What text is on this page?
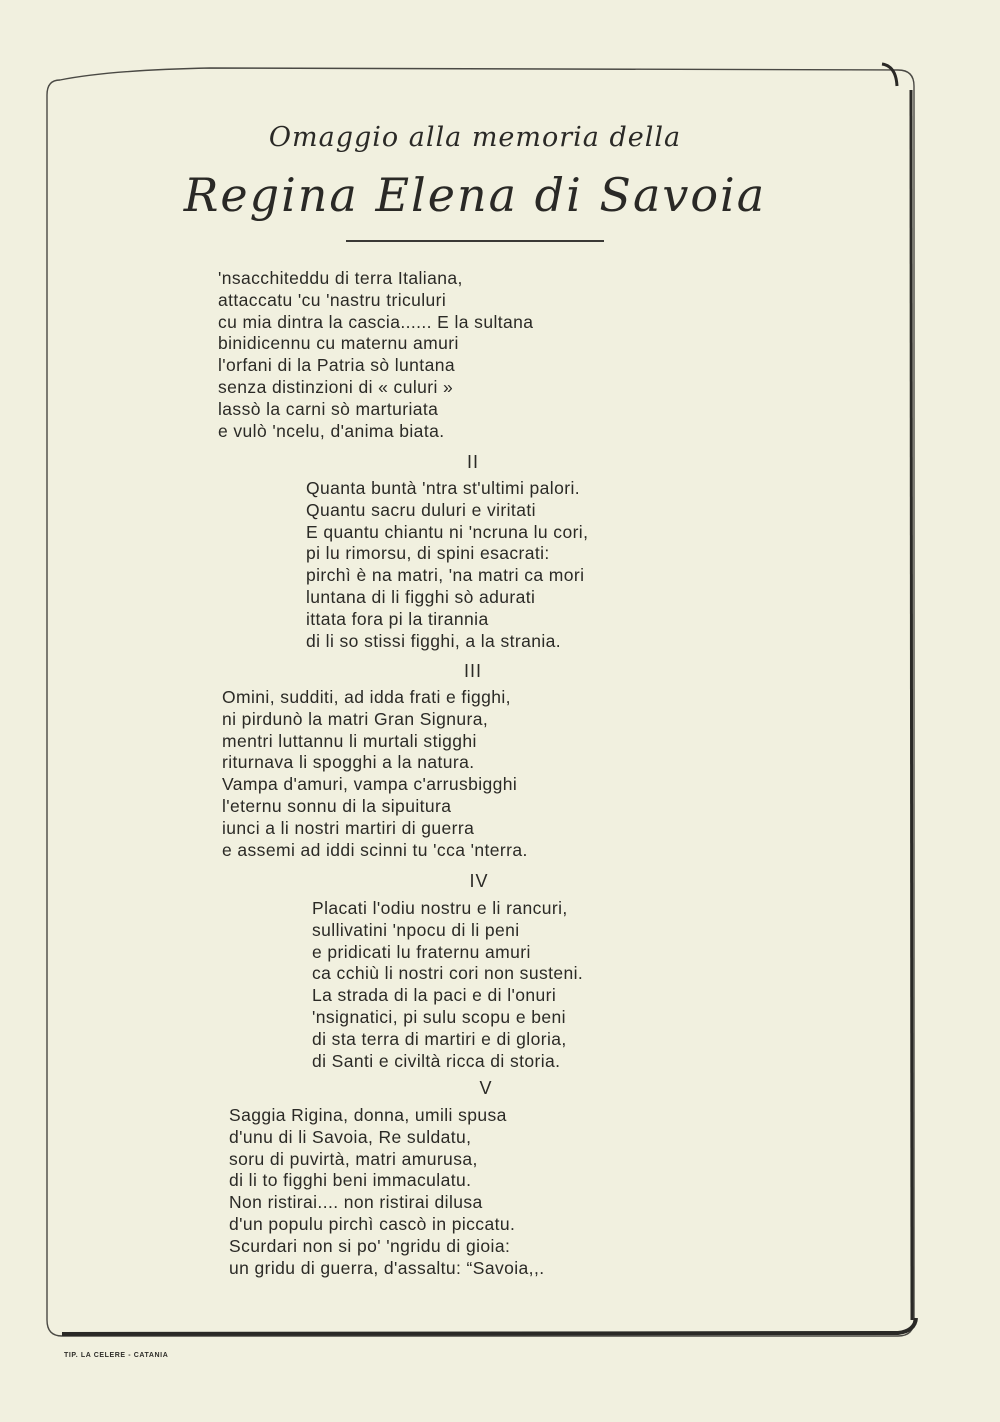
Omaggio alla memoria della
Regina Elena di Savoia
'nsacchiteddu di terra Italiana,
attaccatu 'cu 'nastru triculuri
cu mia dintra la cascia...... E la sultana
binidicennu cu maternu amuri
l'orfani di la Patria sò luntana
senza distinzioni di « culuri »
lassò la carni sò marturiata
e vulò 'ncelu, d'anima biata.
II
Quanta buntà 'ntra st'ultimi palori.
Quantu sacru duluri e viritati
E quantu chiantu ni 'ncruna lu cori,
pi lu rimorsu, di spini esacrati:
pirchì è na matri, 'na matri ca mori
luntana di li figghi sò adurati
ittata fora pi la tirannia
di li so stissi figghi, a la strania.
III
Omini, sudditi, ad idda frati e figghi,
ni pirdunò la matri Gran Signura,
mentri luttannu li murtali stigghi
riturnava li spogghi a la natura.
Vampa d'amuri, vampa c'arrusbigghi
l'eternu sonnu di la sipuitura
iunci a li nostri martiri di guerra
e assemi ad iddi scinni tu 'cca 'nterra.
IV
Placati l'odiu nostru e li rancuri,
sullivatini 'npocu di li peni
e pridicati lu fraternu amuri
ca cchiù li nostri cori non susteni.
La strada di la paci e di l'onuri
'nsignatici, pi sulu scopu e beni
di sta terra di martiri e di gloria,
di Santi e civiltà ricca di storia.
V
Saggia Rigina, donna, umili spusa
d'unu di li Savoia, Re suldatu,
soru di puvirtà, matri amurusa,
di li to figghi beni immaculatu.
Non ristirai.... non ristirai dilusa
d'un populu pirchì cascò in piccatu.
Scurdari non si po' 'ngridu di gioia:
un gridu di guerra, d'assaltu: “Savoia,,.
TIP. LA CELERE - CATANIA
